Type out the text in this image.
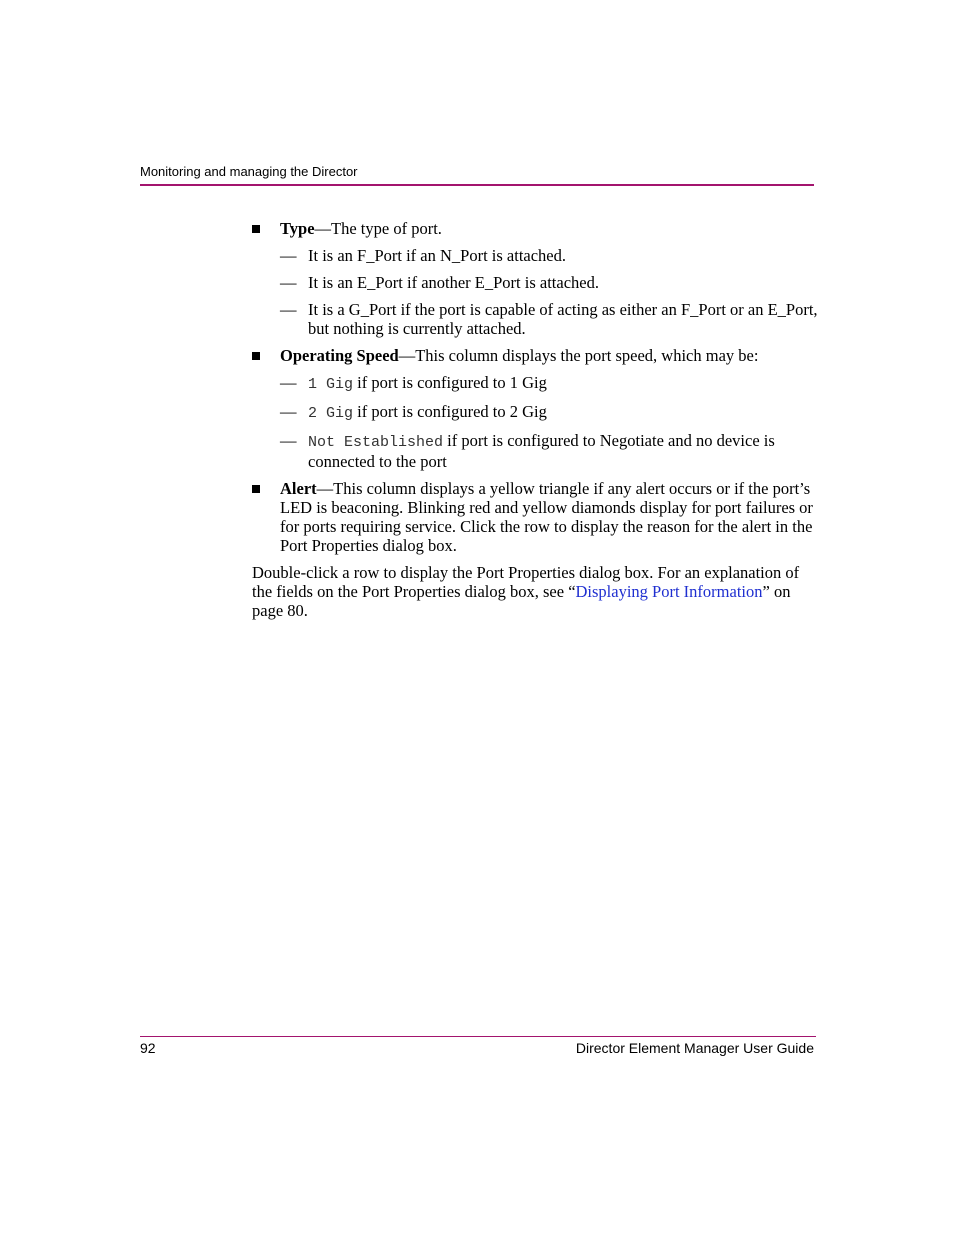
Monitoring and managing the Director
Type—The type of port.
— It is an F_Port if an N_Port is attached.
— It is an E_Port if another E_Port is attached.
— It is a G_Port if the port is capable of acting as either an F_Port or an E_Port, but nothing is currently attached.
Operating Speed—This column displays the port speed, which may be:
— 1 Gig if port is configured to 1 Gig
— 2 Gig if port is configured to 2 Gig
— Not Established if port is configured to Negotiate and no device is connected to the port
Alert—This column displays a yellow triangle if any alert occurs or if the port’s LED is beaconing. Blinking red and yellow diamonds display for port failures or for ports requiring service. Click the row to display the reason for the alert in the Port Properties dialog box.
Double-click a row to display the Port Properties dialog box. For an explanation of the fields on the Port Properties dialog box, see “Displaying Port Information” on page 80.
92	Director Element Manager User Guide
